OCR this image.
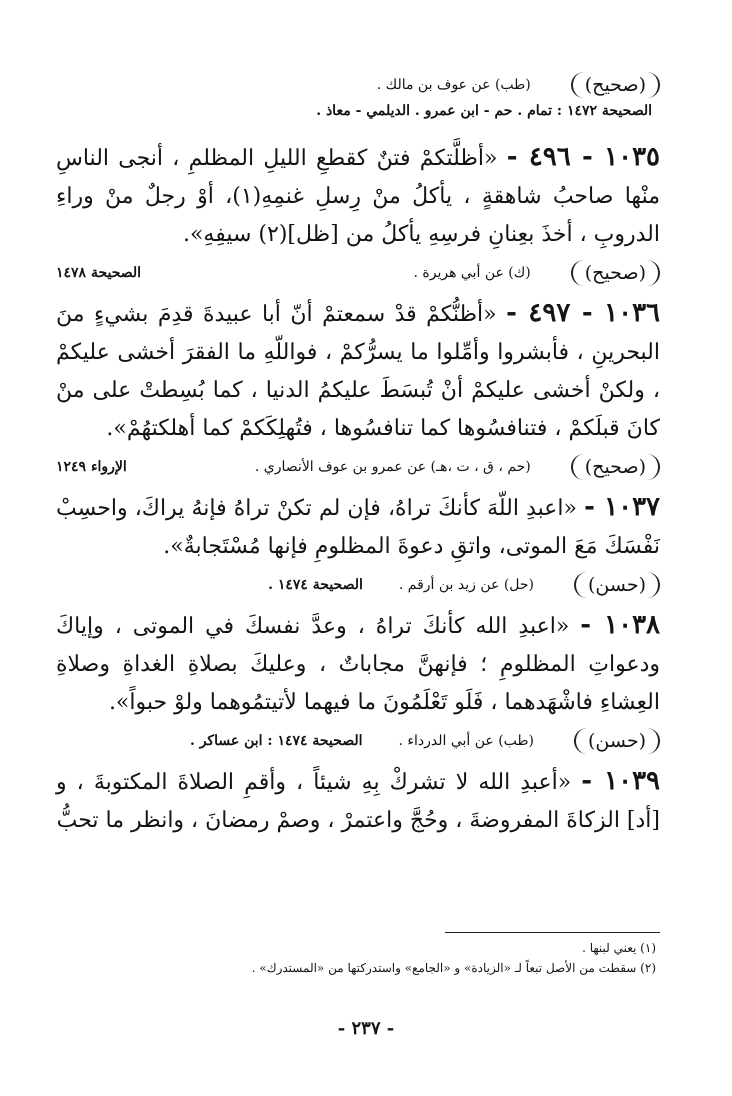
(صحيح)
(طب) عن عوف بن مالك .
الصحيحة ١٤٧٢ : تمام . حم - ابن عمرو . الديلمي - معاذ .
١٠٣٥ - ٤٩٦ - «أظلَّتكمْ فتنٌ كقطعِ الليلِ المظلمِ ، أنجى الناسِ منْها صاحبُ شاهقةٍ ، يأكلُ منْ رِسلِ غنمِهِ(١)، أوْ رجلٌ منْ وراءِ الدروبِ ، أخذَ بعِنانِ فرسِهِ يأكلُ من [ظل](٢) سيفِهِ».
(صحيح)
(ك) عن أبي هريرة .
الصحيحة ١٤٧٨
١٠٣٦ - ٤٩٧ - «أظنُّكمْ قدْ سمعتمْ أنّ أبا عبيدةَ قدِمَ بشيءٍ منَ البحرينِ ، فأبشروا وأمِّلوا ما يسرُّكمْ ، فواللّهِ ما الفقرَ أخشى عليكمْ ، ولكنْ أخشى عليكمْ أنْ تُبسَطَ عليكمُ الدنيا ، كما بُسِطتْ على منْ كانَ قبلَكمْ ، فتنافسُوها كما تنافسُوها ، فتُهلِكَكمْ كما أهلكتهُمْ».
(صحيح)
(حم ، ق ، ت ،هـ) عن عمرو بن عوف الأنصاري .
الإرواء ١٢٤٩
١٠٣٧ - «اعبدِ اللّهَ كأنكَ تراهُ، فإن لم تكنْ تراهُ فإنهُ يراكَ، واحسِبْ نَفْسَكَ مَعَ الموتى، واتقِ دعوةَ المظلومِ فإنها مُسْتَجابةٌ».
(حسن)
(حل) عن زيد بن أرقم .
الصحيحة ١٤٧٤ .
١٠٣٨ - «اعبدِ الله كأنكَ تراهُ ، وعدَّ نفسكَ في الموتى ، وإياكَ ودعواتِ المظلومِ ؛ فإنهنَّ مجاباتٌ ، وعليكَ بصلاةِ الغداةِ وصلاةِ العِشاءِ فاشْهَدهما ، فَلَو تَعْلَمُونَ ما فيهما لأتيتمُوهما ولوْ حبواً».
(حسن)
(طب) عن أبي الدرداء .
الصحيحة ١٤٧٤ : ابن عساكر .
١٠٣٩ - «أعبدِ الله لا تشركْ بِهِ شيئاً ، وأقمِ الصلاةَ المكتوبةَ ، و [أد] الزكاةَ المفروضةَ ، وحُجَّ واعتمرْ ، وصمْ رمضانَ ، وانظر ما تحبُّ
(١) يعني لبنها .
(٢) سقطت من الأصل تبعاً لـ «الزيادة» و «الجامع» واستدركتها من «المستدرك» .
- ٢٣٧ -
